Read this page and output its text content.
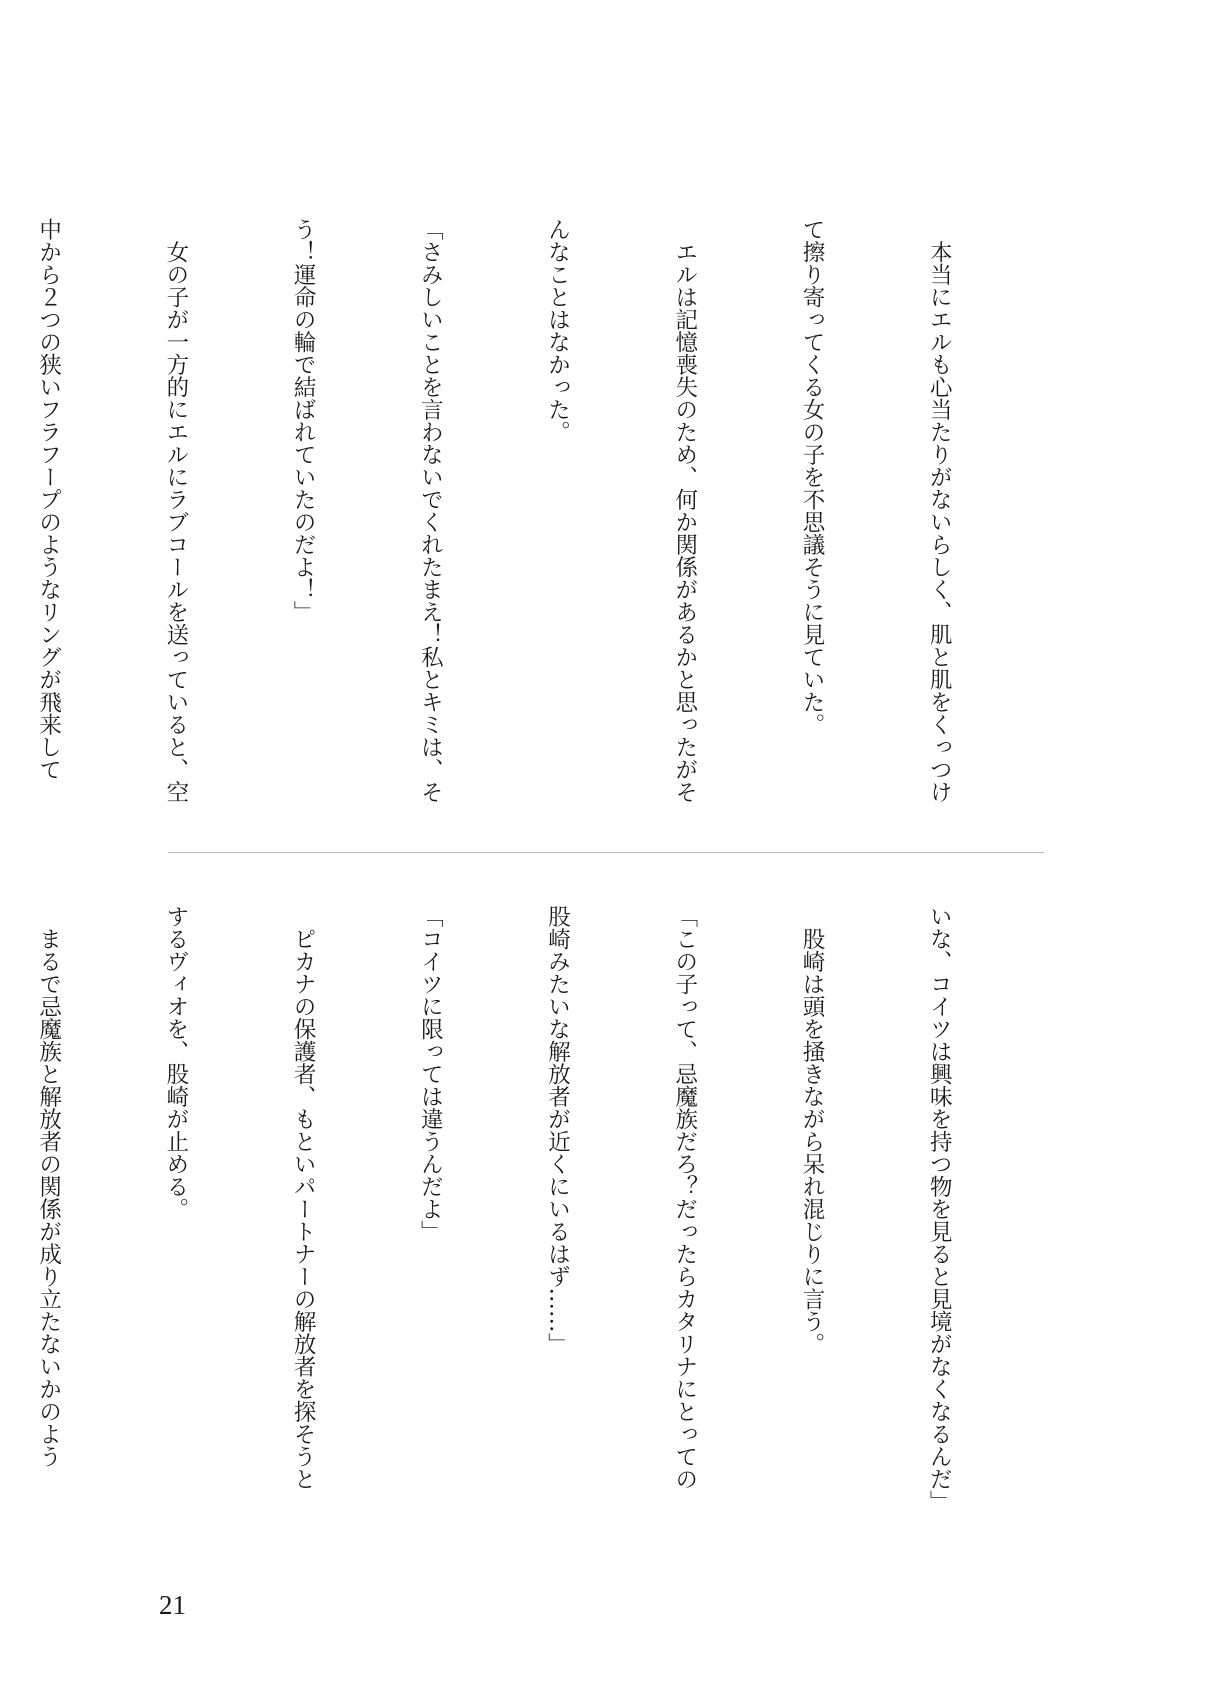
　本当にエルも心当たりがないらしく、肌と肌をくっつけ

て擦り寄ってくる女の子を不思議そうに見ていた。

　エルは記憶喪失のため、何か関係があるかと思ったがそ

んなことはなかった。

「さみしいことを言わないでくれたまえ！私とキミは、そ

う！運命の輪で結ばれていたのだよ！」

　女の子が一方的にエルにラブコールを送っていると、空

中から２つの狭いフラフープのようなリングが飛来して

いな、コイツは興味を持つ物を見ると見境がなくなるんだ」

　股崎は頭を掻きながら呆れ混じりに言う。

「この子って、忌魔族だろ？だったらカタリナにとっての

股崎みたいな解放者が近くにいるはず……」

「コイツに限っては違うんだよ」

　ピカナの保護者、もといパートナーの解放者を探そうと

するヴィオを、股崎が止める。

　まるで忌魔族と解放者の関係が成り立たないかのよう

21
